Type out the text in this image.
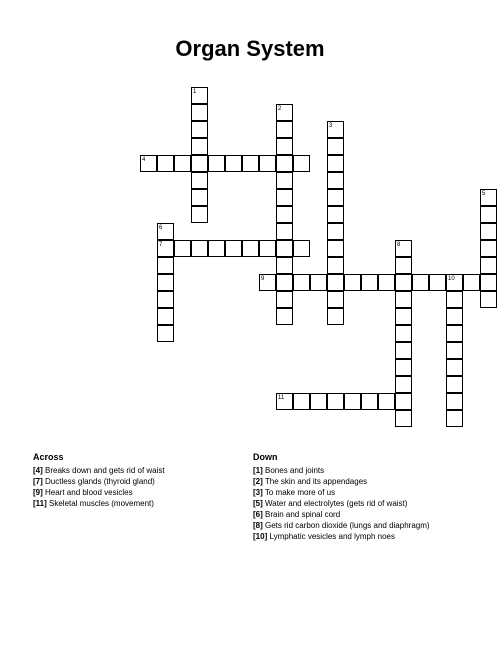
Organ System
1
2
3
4
5
6
7	8
9	10
11
Across
[4] Breaks down and gets rid of waist
[7] Ductless glands (thyroid gland)
[9] Heart and blood vesicles
[11] Skeletal muscles (movement)
Down
[1] Bones and joints
[2] The skin and its appendages
[3] To make more of us
[5] Water and electrolytes (gets rid of waist)
[6] Brain and spinal cord
[8] Gets rid carbon dioxide (lungs and diaphragm)
[10] Lymphatic vesicles and lymph noes
